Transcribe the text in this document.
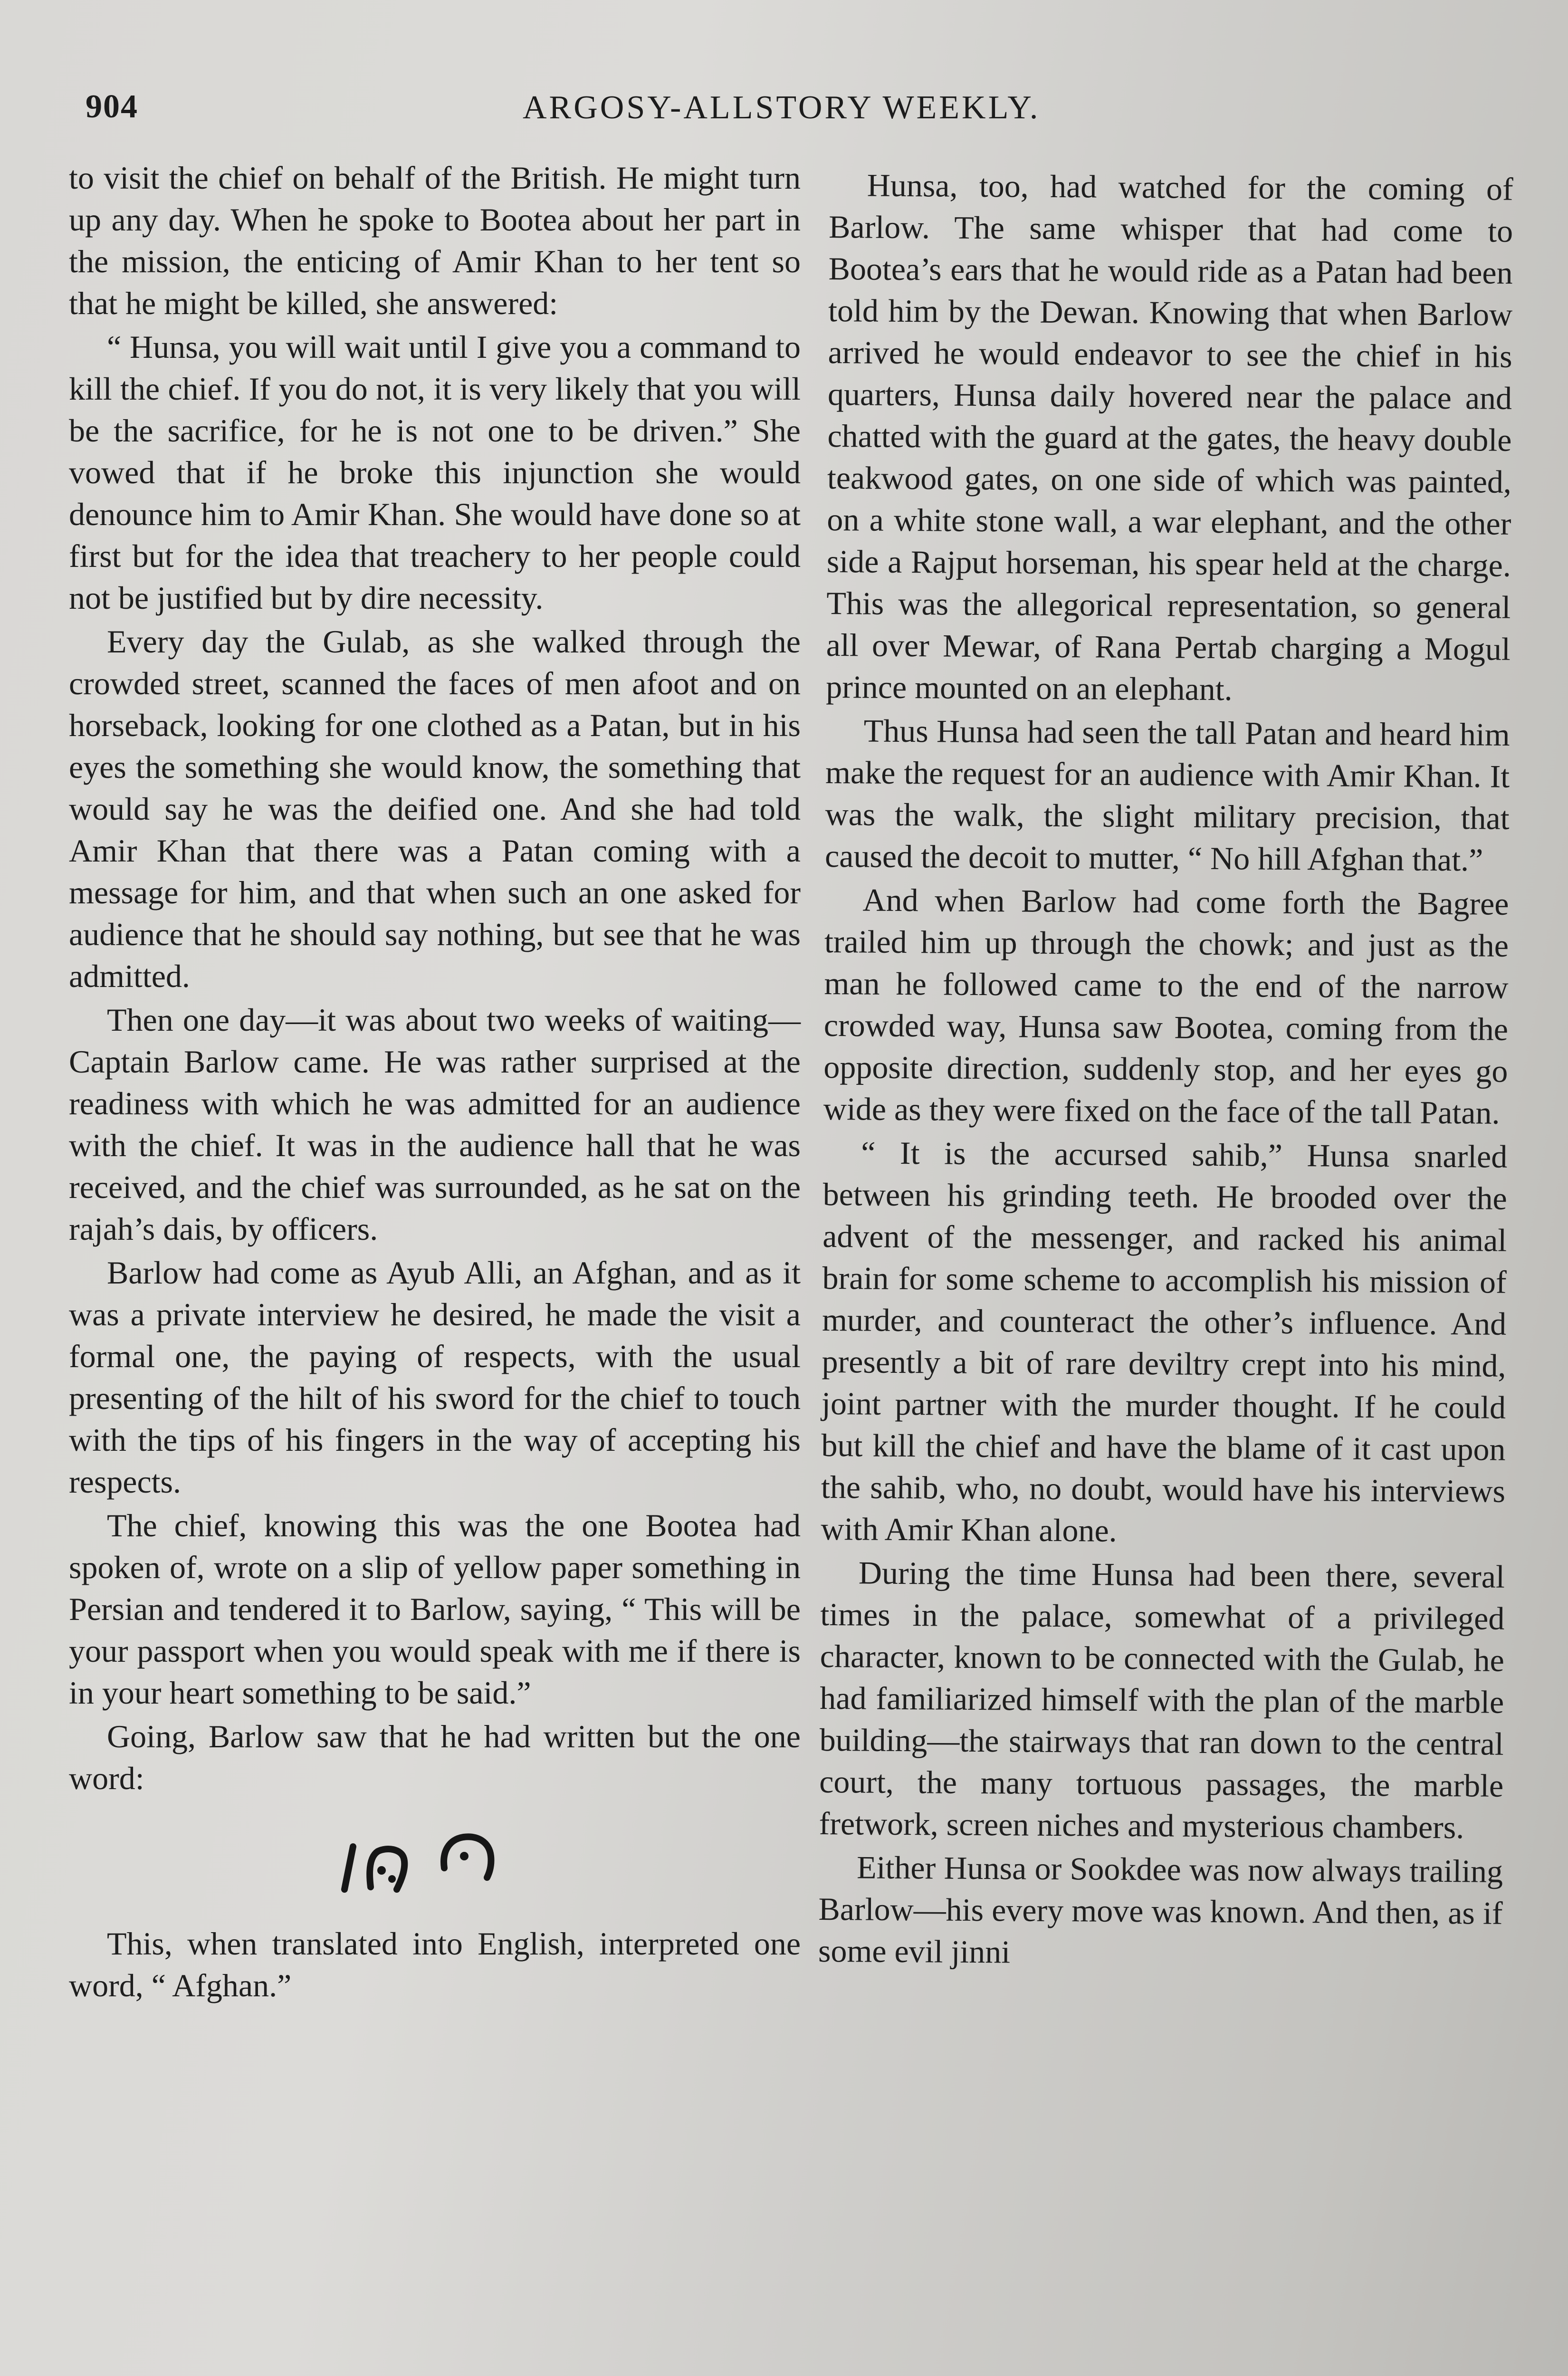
904	ARGOSY-ALLSTORY WEEKLY.

to visit the chief on behalf of the British. He might turn up any day. When he spoke to Bootea about her part in the mission, the enticing of Amir Khan to her tent so that he might be killed, she answered:

“ Hunsa, you will wait until I give you a command to kill the chief. If you do not, it is very likely that you will be the sacrifice, for he is not one to be driven.” She vowed that if he broke this injunction she would denounce him to Amir Khan. She would have done so at first but for the idea that treachery to her people could not be justified but by dire necessity.

Every day the Gulab, as she walked through the crowded street, scanned the faces of men afoot and on horseback, looking for one clothed as a Patan, but in his eyes the something she would know, the something that would say he was the deified one. And she had told Amir Khan that there was a Patan coming with a message for him, and that when such an one asked for audience that he should say nothing, but see that he was admitted.

Then one day—it was about two weeks of waiting—Captain Barlow came. He was rather surprised at the readiness with which he was admitted for an audience with the chief. It was in the audience hall that he was received, and the chief was surrounded, as he sat on the rajah’s dais, by officers.

Barlow had come as Ayub Alli, an Afghan, and as it was a private interview he desired, he made the visit a formal one, the paying of respects, with the usual presenting of the hilt of his sword for the chief to touch with the tips of his fingers in the way of accepting his respects.

The chief, knowing this was the one Bootea had spoken of, wrote on a slip of yellow paper something in Persian and tendered it to Barlow, saying, “ This will be your passport when you would speak with me if there is in your heart something to be said.”

Going, Barlow saw that he had written but the one word:

This, when translated into English, interpreted one word, “ Afghan.”

Hunsa, too, had watched for the coming of Barlow. The same whisper that had come to Bootea’s ears that he would ride as a Patan had been told him by the Dewan. Knowing that when Barlow arrived he would endeavor to see the chief in his quarters, Hunsa daily hovered near the palace and chatted with the guard at the gates, the heavy double teakwood gates, on one side of which was painted, on a white stone wall, a war elephant, and the other side a Rajput horseman, his spear held at the charge. This was the allegorical representation, so general all over Mewar, of Rana Pertab charging a Mogul prince mounted on an elephant.

Thus Hunsa had seen the tall Patan and heard him make the request for an audience with Amir Khan. It was the walk, the slight military precision, that caused the decoit to mutter, “ No hill Afghan that.”

And when Barlow had come forth the Bagree trailed him up through the chowk; and just as the man he followed came to the end of the narrow crowded way, Hunsa saw Bootea, coming from the opposite direction, suddenly stop, and her eyes go wide as they were fixed on the face of the tall Patan.

“ It is the accursed sahib,” Hunsa snarled between his grinding teeth. He brooded over the advent of the messenger, and racked his animal brain for some scheme to accomplish his mission of murder, and counteract the other’s influence. And presently a bit of rare deviltry crept into his mind, joint partner with the murder thought. If he could but kill the chief and have the blame of it cast upon the sahib, who, no doubt, would have his interviews with Amir Khan alone.

During the time Hunsa had been there, several times in the palace, somewhat of a privileged character, known to be connected with the Gulab, he had familiarized himself with the plan of the marble building—the stairways that ran down to the central court, the many tortuous passages, the marble fretwork, screen niches and mysterious chambers.

Either Hunsa or Sookdee was now always trailing Barlow—his every move was known. And then, as if some evil jinni
